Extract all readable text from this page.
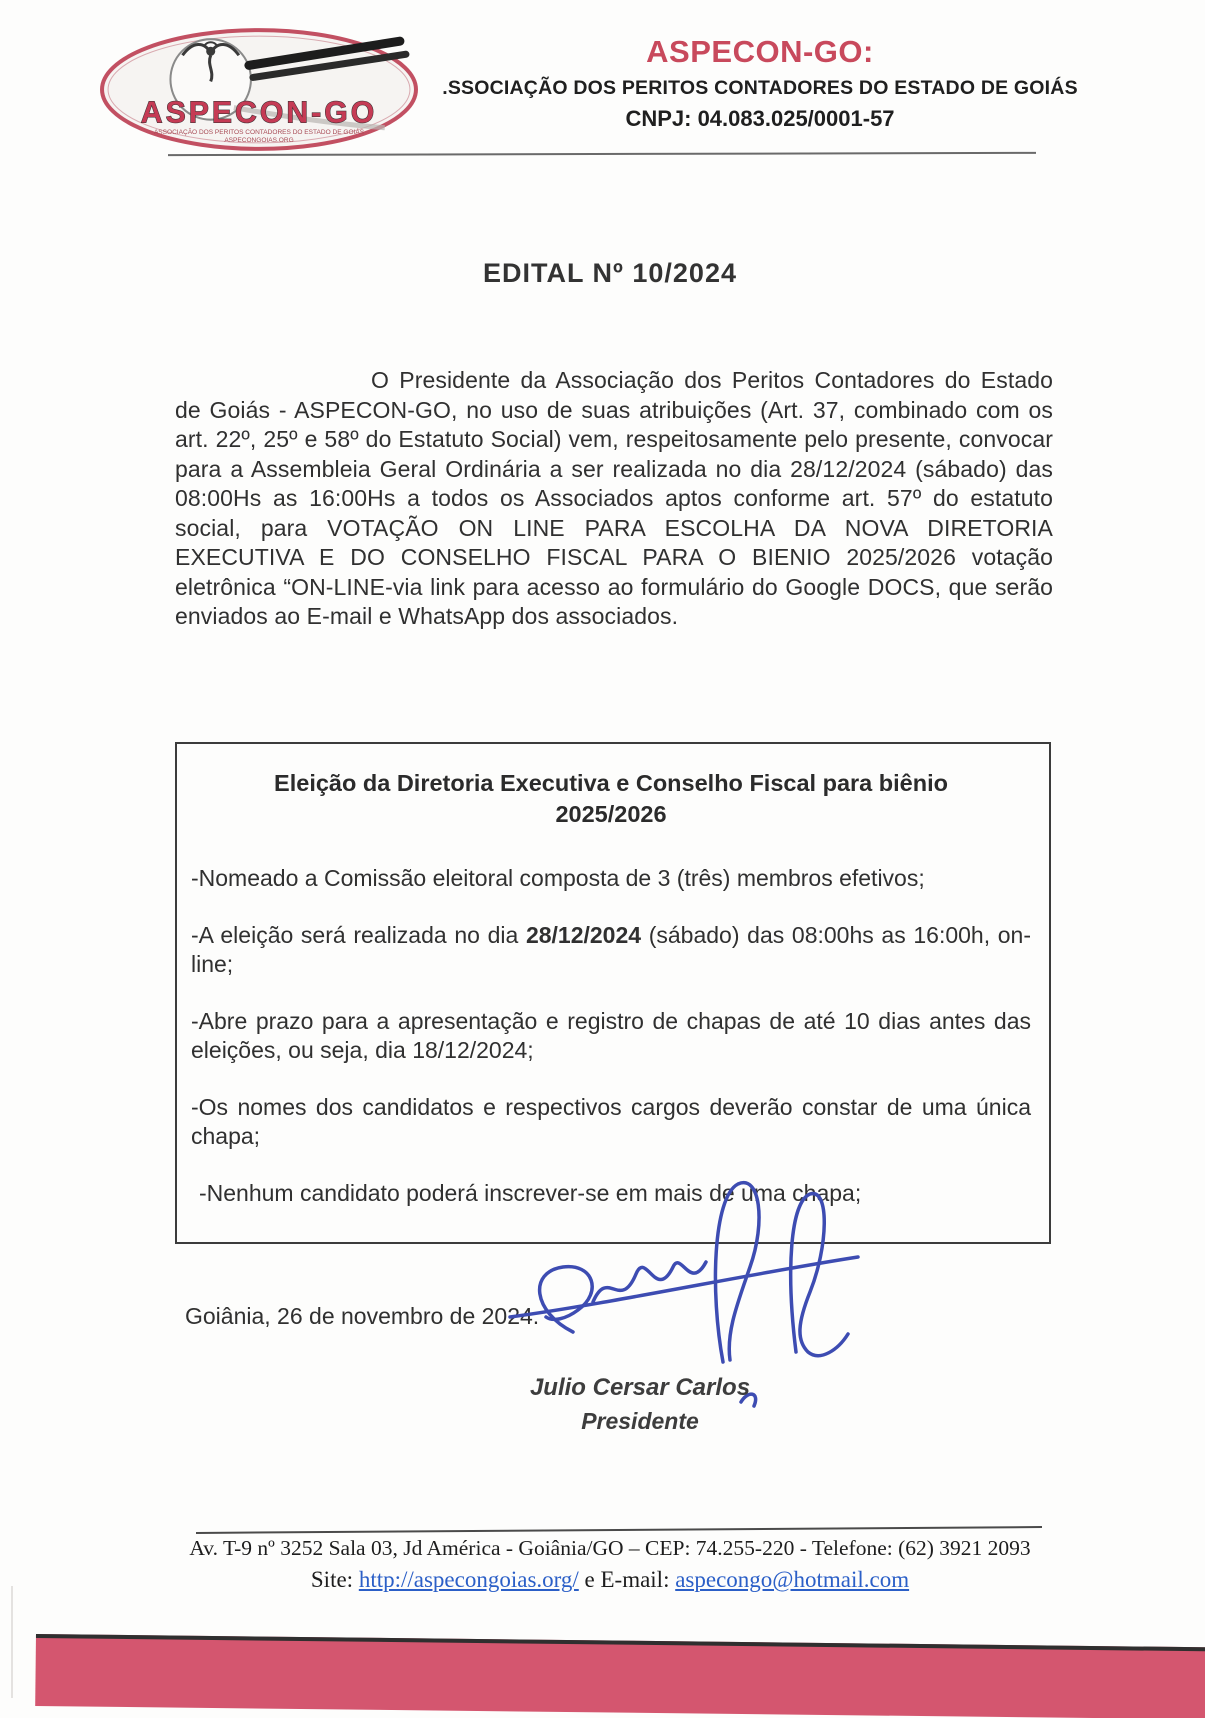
ASPECON-GO
ASSOCIAÇÃO DOS PERITOS CONTADORES DO ESTADO DE GOIÁS
ASPECONGOIAS.ORG
ASPECON-GO:
.SSOCIAÇÃO DOS PERITOS CONTADORES DO ESTADO DE GOIÁS
CNPJ: 04.083.025/0001-57
EDITAL Nº 10/2024
O Presidente da Associação dos Peritos Contadores do Estado de Goiás - ASPECON-GO, no uso de suas atribuições (Art. 37, combinado com os art. 22º, 25º e 58º do Estatuto Social) vem, respeitosamente pelo presente, convocar para a Assembleia Geral Ordinária a ser realizada no dia 28/12/2024 (sábado) das 08:00Hs as 16:00Hs a todos os Associados aptos conforme art. 57º do estatuto social, para VOTAÇÃO ON LINE PARA ESCOLHA DA NOVA DIRETORIA EXECUTIVA E DO CONSELHO FISCAL PARA O BIENIO 2025/2026 votação eletrônica “ON-LINE-via link para acesso ao formulário do Google DOCS, que serão enviados ao E-mail e WhatsApp dos associados.
Eleição da Diretoria Executiva e Conselho Fiscal para biênio 2025/2026

-Nomeado a Comissão eleitoral composta de 3 (três) membros efetivos;

-A eleição será realizada no dia 28/12/2024 (sábado) das 08:00hs as 16:00h, on-line;

-Abre prazo para a apresentação e registro de chapas de até 10 dias antes das eleições, ou seja, dia 18/12/2024;

-Os nomes dos candidatos e respectivos cargos deverão constar de uma única chapa;

-Nenhum candidato poderá inscrever-se em mais de uma chapa;

Goiânia, 26 de novembro de 2024.
Julio Cersar Carlos
Presidente
Av. T-9 nº 3252 Sala 03, Jd América - Goiânia/GO – CEP: 74.255-220 - Telefone: (62) 3921 2093
Site: http://aspecongoias.org/ e E-mail: aspecongo@hotmail.com
